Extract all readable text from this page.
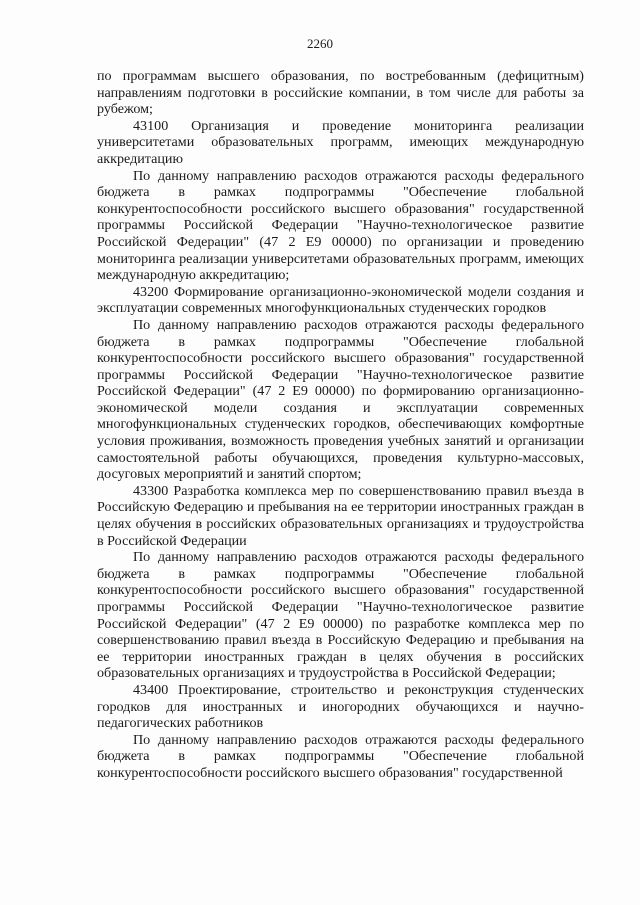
2260

по программам высшего образования, по востребованным (дефицитным) направлениям подготовки в российские компании, в том числе для работы за рубежом;

43100 Организация и проведение мониторинга реализации университетами образовательных программ, имеющих международную аккредитацию

По данному направлению расходов отражаются расходы федерального бюджета в рамках подпрограммы "Обеспечение глобальной конкурентоспособности российского высшего образования" государственной программы Российской Федерации "Научно-технологическое развитие Российской Федерации" (47 2 Е9 00000) по организации и проведению мониторинга реализации университетами образовательных программ, имеющих международную аккредитацию;

43200 Формирование организационно-экономической модели создания и эксплуатации современных многофункциональных студенческих городков

По данному направлению расходов отражаются расходы федерального бюджета в рамках подпрограммы "Обеспечение глобальной конкурентоспособности российского высшего образования" государственной программы Российской Федерации "Научно-технологическое развитие Российской Федерации" (47 2 Е9 00000) по формированию организационно-экономической модели создания и эксплуатации современных многофункциональных студенческих городков, обеспечивающих комфортные условия проживания, возможность проведения учебных занятий и организации самостоятельной работы обучающихся, проведения культурно-массовых, досуговых мероприятий и занятий спортом;

43300 Разработка комплекса мер по совершенствованию правил въезда в Российскую Федерацию и пребывания на ее территории иностранных граждан в целях обучения в российских образовательных организациях и трудоустройства в Российской Федерации

По данному направлению расходов отражаются расходы федерального бюджета в рамках подпрограммы "Обеспечение глобальной конкурентоспособности российского высшего образования" государственной программы Российской Федерации "Научно-технологическое развитие Российской Федерации" (47 2 Е9 00000) по разработке комплекса мер по совершенствованию правил въезда в Российскую Федерацию и пребывания на ее территории иностранных граждан в целях обучения в российских образовательных организациях и трудоустройства в Российской Федерации;

43400 Проектирование, строительство и реконструкция студенческих городков для иностранных и иногородних обучающихся и научно-педагогических работников

По данному направлению расходов отражаются расходы федерального бюджета в рамках подпрограммы "Обеспечение глобальной конкурентоспособности российского высшего образования" государственной
